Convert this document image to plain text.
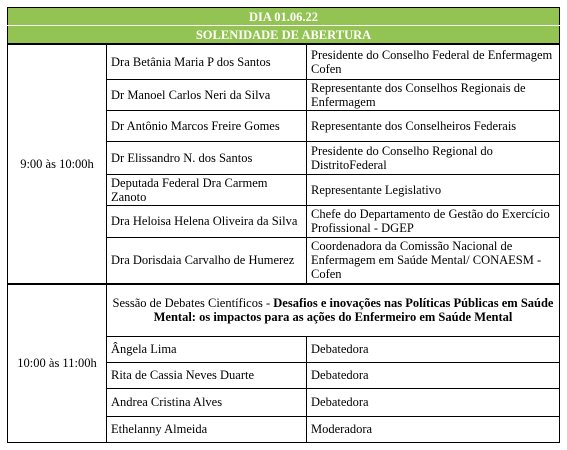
DIA 01.06.22		
SOLENIDADE DE ABERTURA		
9:00 às 10:00h	Dra Betânia Maria P dos Santos	Presidente do Conselho Federal de Enfermagem Cofen
	Dr Manoel Carlos Neri da Silva	Representante dos Conselhos Regionais de Enfermagem
	Dr Antônio Marcos Freire Gomes	Representante dos Conselheiros Federais
	Dr Elissandro N. dos Santos	Presidente do Conselho Regional do DistritoFederal
	Deputada Federal Dra Carmem Zanoto	Representante Legislativo
	Dra Heloisa Helena Oliveira da Silva	Chefe do Departamento de Gestão do Exercício Profissional - DGEP
	Dra Dorisdaia Carvalho de Humerez	Coordenadora da Comissão Nacional de Enfermagem em Saúde Mental/ CONAESM - Cofen
10:00 às 11:00h	Sessão de Debates Científicos - Desafios e inovações nas Políticas Públicas em Saúde Mental: os impactos para as ações do Enfermeiro em Saúde Mental	
	Ângela Lima	Debatedora
	Rita de Cassia Neves Duarte	Debatedora
	Andrea Cristina Alves	Debatedora
	Ethelanny Almeida	Moderadora
